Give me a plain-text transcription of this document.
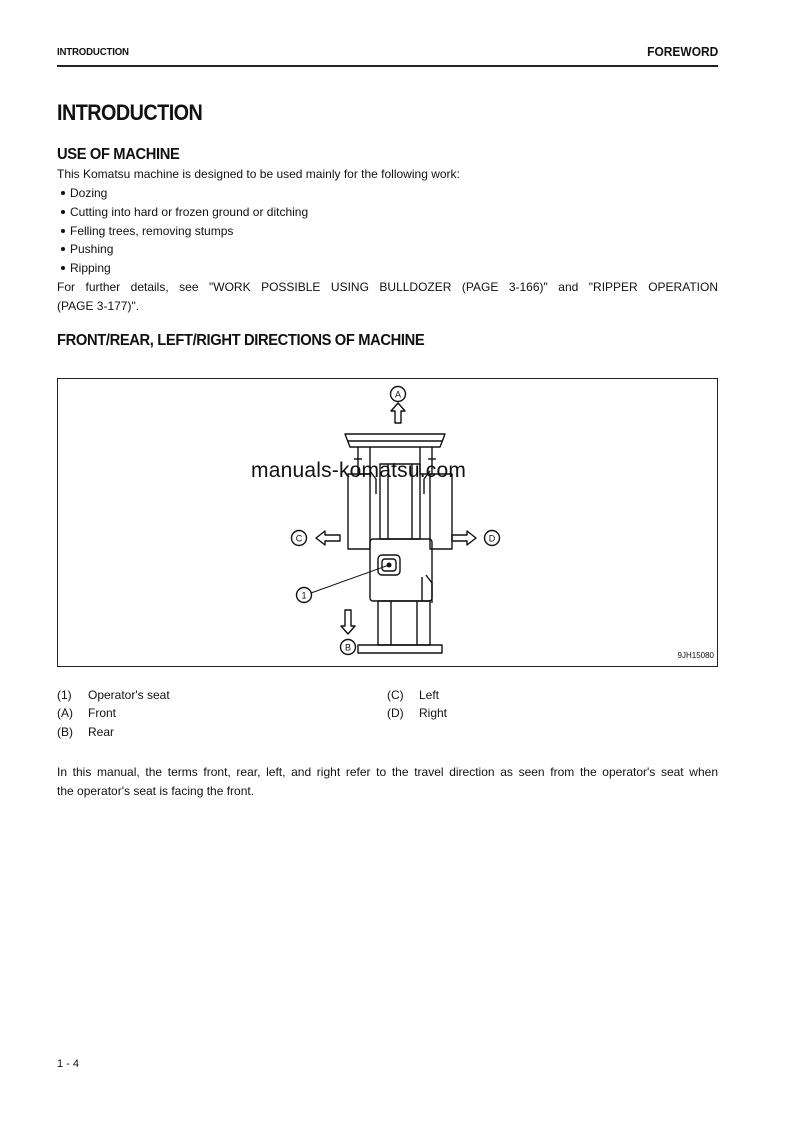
INTRODUCTION	FOREWORD
INTRODUCTION
USE OF MACHINE
This Komatsu machine is designed to be used mainly for the following work:
Dozing
Cutting into hard or frozen ground or ditching
Felling trees, removing stumps
Pushing
Ripping
For further details, see "WORK POSSIBLE USING BULLDOZER (PAGE 3-166)" and "RIPPER OPERATION
(PAGE 3-177)".
FRONT/REAR, LEFT/RIGHT DIRECTIONS OF MACHINE
A
C	D
B
1
manuals-komatsu.com
9JH15080
(1) Operator's seat
(A) Front
(B) Rear
(C) Left
(D) Right
In this manual, the terms front, rear, left, and right refer to the travel direction as seen from the operator's seat when
the operator's seat is facing the front.
1 - 4
